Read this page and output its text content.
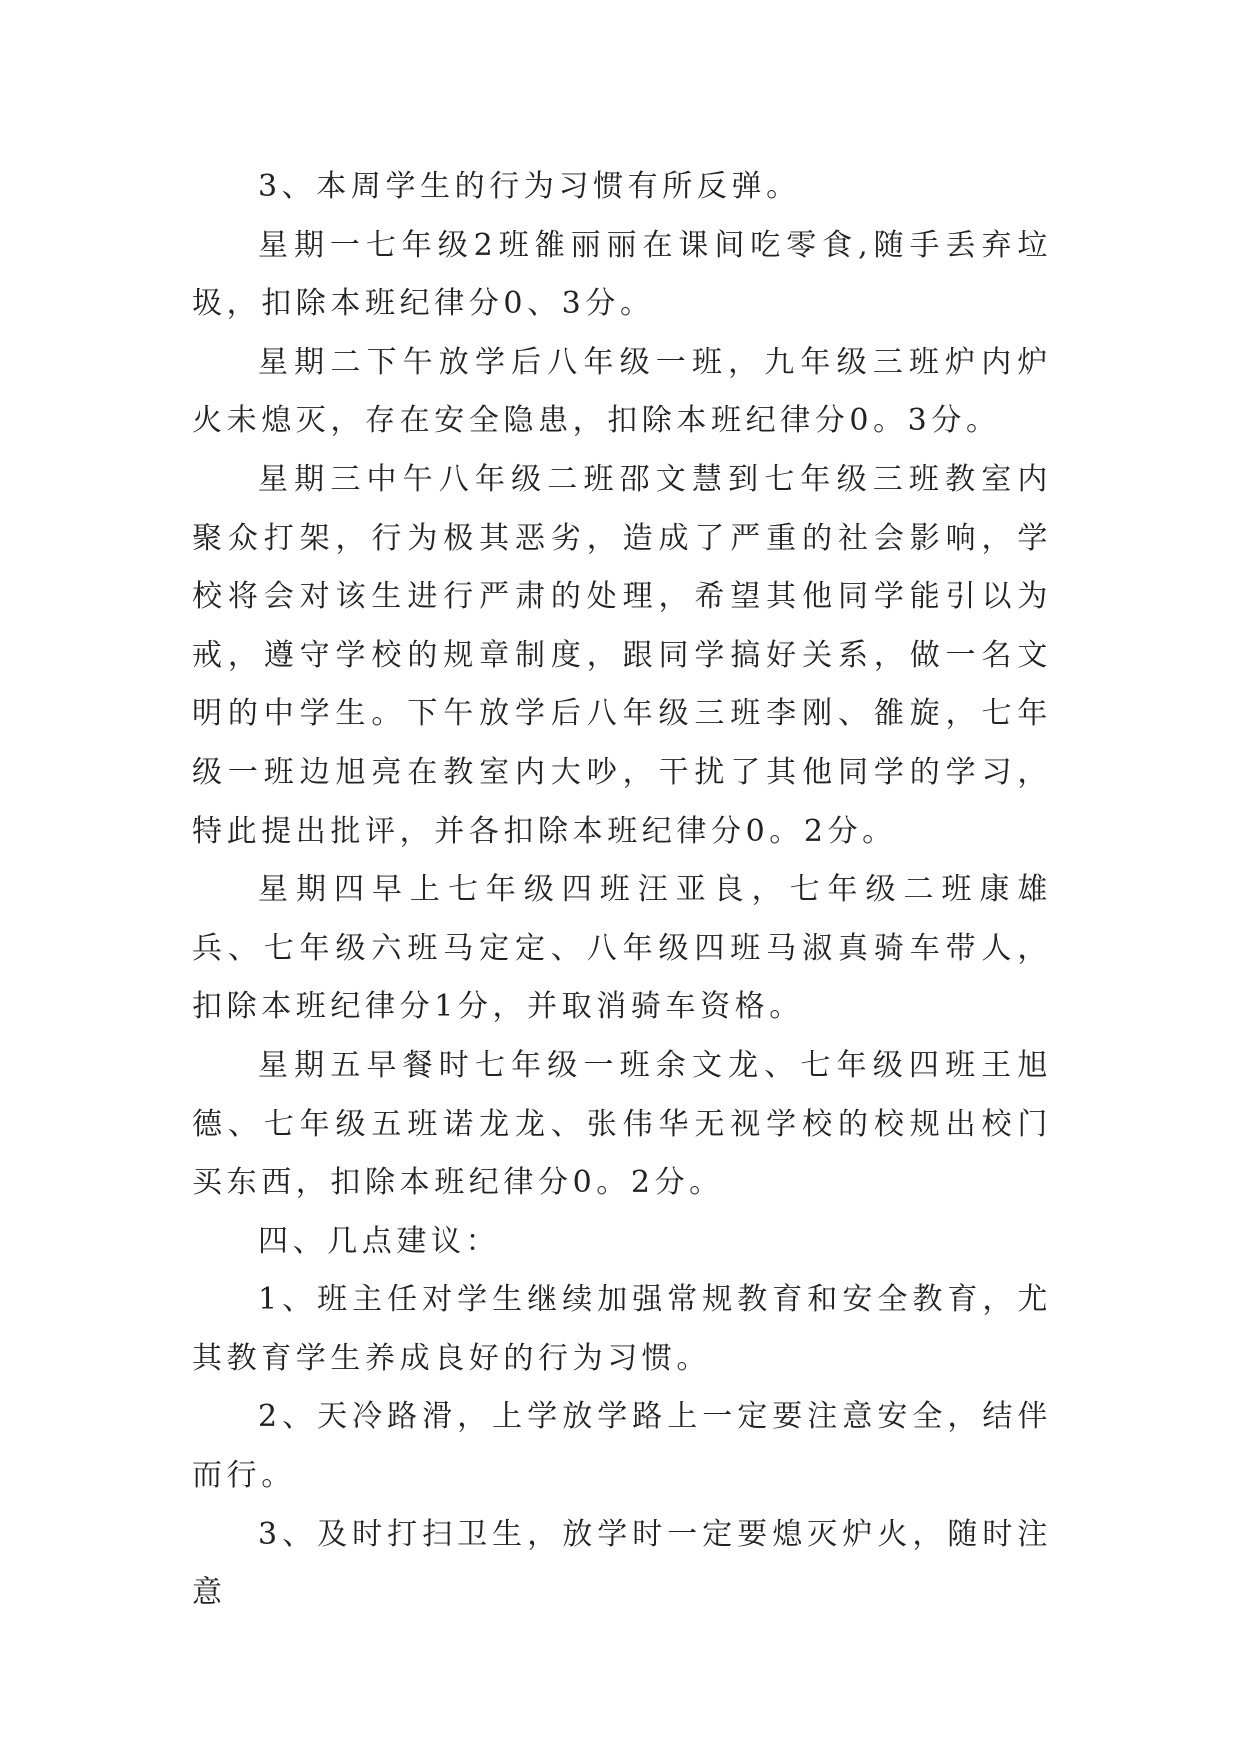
3、本周学生的行为习惯有所反弹。

星期一七年级2班雒丽丽在课间吃零食,随手丢弃垃圾，扣除本班纪律分0、3分。

星期二下午放学后八年级一班，九年级三班炉内炉火未熄灭，存在安全隐患，扣除本班纪律分0。3分。

星期三中午八年级二班邵文慧到七年级三班教室内聚众打架，行为极其恶劣，造成了严重的社会影响，学校将会对该生进行严肃的处理，希望其他同学能引以为戒，遵守学校的规章制度，跟同学搞好关系，做一名文明的中学生。下午放学后八年级三班李刚、雒旋，七年级一班边旭亮在教室内大吵，干扰了其他同学的学习，特此提出批评，并各扣除本班纪律分0。2分。

星期四早上七年级四班汪亚良，七年级二班康雄兵、七年级六班马定定、八年级四班马淑真骑车带人，扣除本班纪律分1分，并取消骑车资格。

星期五早餐时七年级一班余文龙、七年级四班王旭德、七年级五班诺龙龙、张伟华无视学校的校规出校门买东西，扣除本班纪律分0。2分。

四、几点建议：

1、班主任对学生继续加强常规教育和安全教育，尤其教育学生养成良好的行为习惯。

2、天冷路滑，上学放学路上一定要注意安全，结伴而行。

3、及时打扫卫生，放学时一定要熄灭炉火，随时注意
